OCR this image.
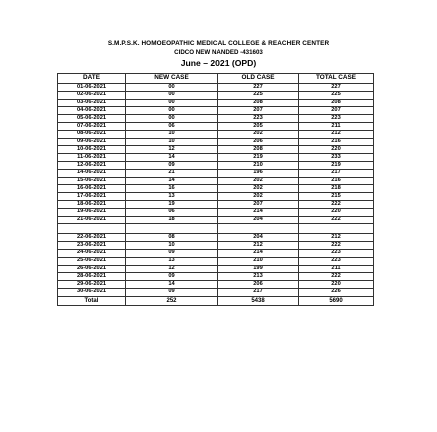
S.M.P.S.K. HOMOEOPATHIC MEDICAL COLLEGE & REACHER CENTER
CIDCO NEW NANDED -431603
June – 2021 (OPD)
DATE	NEW CASE	OLD CASE	TOTAL CASE
01-06-2021	00	227	227
02-06-2021	00	225	225
03-06-2021	00	208	208
04-06-2021	00	207	207
05-06-2021	00	223	223
07-06-2021	06	205	211
08-06-2021	10	202	212
09-06-2021	10	206	216
10-06-2021	12	208	220
11-06-2021	14	219	233
12-06-2021	09	210	219
14-06-2021	21	196	217
15-06-2021	14	202	216
16-06-2021	16	202	218
17-06-2021	13	202	215
18-06-2021	19	207	222
19-06-2021	06	214	220
21-06-2021	18	204	222

22-06-2021	08	204	212
23-06-2021	10	212	222
24-06-2021	09	214	223
25-06-2021	13	210	223
26-06-2021	12	199	211
28-06-2021	09	213	222
29-06-2021	14	206	220
30-06-2021	09	217	226
Total	252	5438	5690
